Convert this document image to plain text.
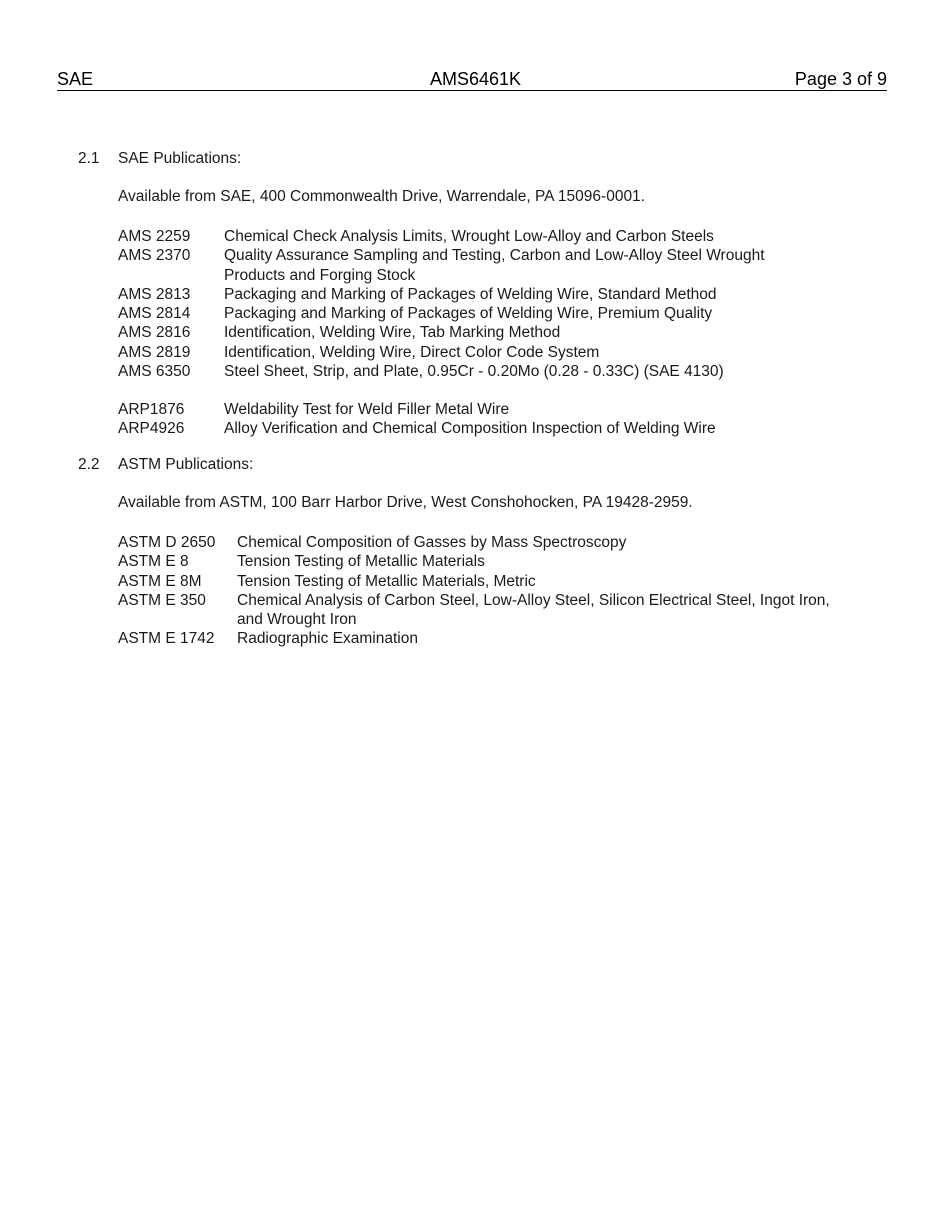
SAE	AMS6461K	Page 3 of 9
2.1	SAE Publications:
Available from SAE, 400 Commonwealth Drive, Warrendale, PA 15096-0001.
AMS 2259	Chemical Check Analysis Limits, Wrought Low-Alloy and Carbon Steels
AMS 2370	Quality Assurance Sampling and Testing, Carbon and Low-Alloy Steel Wrought Products and Forging Stock
AMS 2813	Packaging and Marking of Packages of Welding Wire, Standard Method
AMS 2814	Packaging and Marking of Packages of Welding Wire, Premium Quality
AMS 2816	Identification, Welding Wire, Tab Marking Method
AMS 2819	Identification, Welding Wire, Direct Color Code System
AMS 6350	Steel Sheet, Strip, and Plate, 0.95Cr - 0.20Mo (0.28 - 0.33C) (SAE 4130)
ARP1876	Weldability Test for Weld Filler Metal Wire
ARP4926	Alloy Verification and Chemical Composition Inspection of Welding Wire
2.2	ASTM Publications:
Available from ASTM, 100 Barr Harbor Drive, West Conshohocken, PA 19428-2959.
ASTM D 2650	Chemical Composition of Gasses by Mass Spectroscopy
ASTM E 8	Tension Testing of Metallic Materials
ASTM E 8M	Tension Testing of Metallic Materials, Metric
ASTM E 350	Chemical Analysis of Carbon Steel, Low-Alloy Steel, Silicon Electrical Steel, Ingot Iron, and Wrought Iron
ASTM E 1742	Radiographic Examination
